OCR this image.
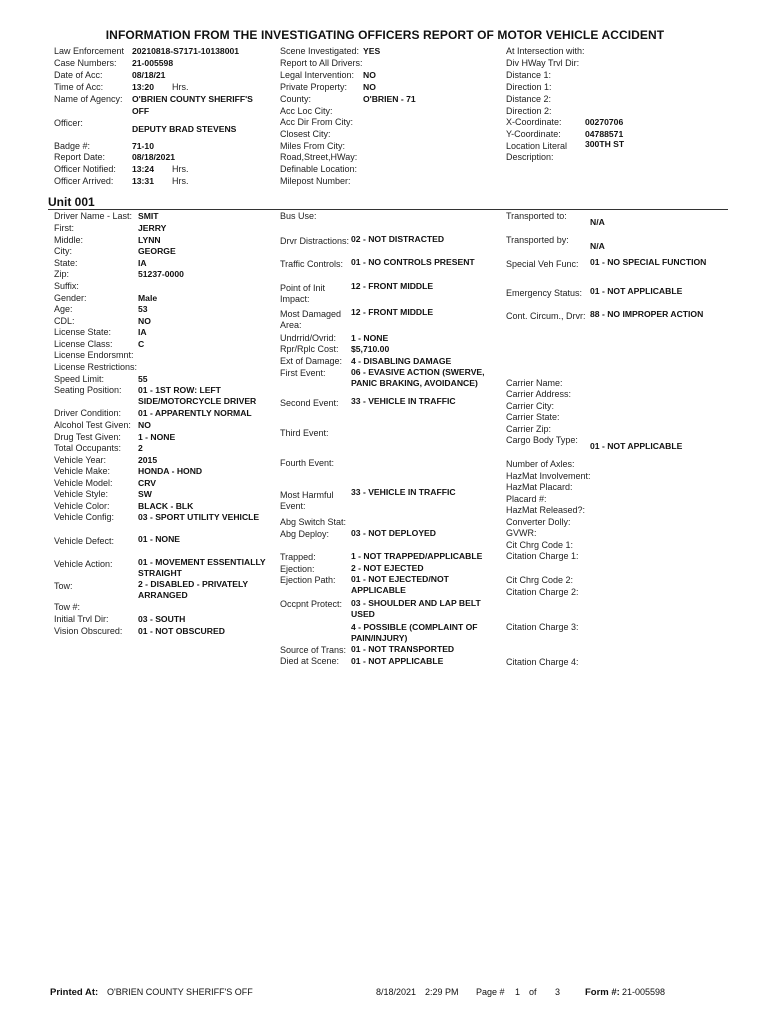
INFORMATION FROM THE INVESTIGATING OFFICERS REPORT OF MOTOR VEHICLE ACCIDENT
Law Enforcement 20210818-S7171-10138001
Case Numbers: 21-005598
Date of Acc:	08/18/21
Time of Acc:	13:20 Hrs.
Name of Agency: O'BRIEN COUNTY SHERIFF'S
OFF
Officer:
DEPUTY BRAD STEVENS
Badge #:	71-10
Report Date:	08/18/2021
Officer Notified: 13:24 Hrs.
Officer Arrived: 13:31 Hrs.
Scene Investigated: YES
Report to All Drivers:
Legal Intervention: NO
Private Property: NO
County:	O'BRIEN - 71
Acc Loc City:
Acc Dir From City:
Closest City:
Miles From City:
Road,Street,HWay:
Definable Location:
Milepost Number:
At Intersection with:
Div HWay Trvl Dir:
Distance 1:
Direction 1:
Distance 2:
Direction 2:
X-Coordinate:	00270706
Y-Coordinate:	04788571
Location Literal 300TH ST
Description:
Unit 001
Driver Name - Last: SMIT
First:	JERRY
Middle:	LYNN
City:	GEORGE
State:	IA
Zip:	51237-0000
Suffix:
Gender:	Male
Age:	53
CDL:	NO
License State:	IA
License Class:	C
License Endorsmnt:
License Restrictions:
Speed Limit:	55
Seating Position: 01 - 1ST ROW: LEFT
SIDE/MOTORCYCLE DRIVER
Driver Condition: 01 - APPARENTLY NORMAL
Alcohol Test Given: NO
Drug Test Given: 1 - NONE
Total Occupants: 2
Vehicle Year:	2015
Vehicle Make:	HONDA - HOND
Vehicle Model:	CRV
Vehicle Style:	SW
Vehicle Color:	BLACK - BLK
Vehicle Config:	03 - SPORT UTILITY VEHICLE
Vehicle Defect:	01 - NONE
Vehicle Action:	01 - MOVEMENT ESSENTIALLY
STRAIGHT
Tow:	2 - DISABLED - PRIVATELY
ARRANGED
Tow #:
Initial Trvl Dir:	03 - SOUTH
Vision Obscured: 01 - NOT OBSCURED
Bus Use:
Drvr Distractions: 02 - NOT DISTRACTED
Traffic Controls: 01 - NO CONTROLS PRESENT
Point of Init
Impact:
12 - FRONT MIDDLE
Most Damaged
Area:
12 - FRONT MIDDLE
Undrrid/Ovrid: 1 - NONE
Rpr/Rplc Cost: $5,710.00
Ext of Damage: 4 - DISABLING DAMAGE
First Event:	06 - EVASIVE ACTION (SWERVE,
PANIC BRAKING, AVOIDANCE)
Second Event: 33 - VEHICLE IN TRAFFIC
Third Event:
Fourth Event:
Most Harmful
Event:
33 - VEHICLE IN TRAFFIC
Abg Switch Stat:
Abg Deploy:	03 - NOT DEPLOYED
Trapped:	1 - NOT TRAPPED/APPLICABLE
Ejection:	2 - NOT EJECTED
Ejection Path: 01 - NOT EJECTED/NOT
APPLICABLE
Occpnt Protect: 03 - SHOULDER AND LAP BELT
USED
4 - POSSIBLE (COMPLAINT OF
PAIN/INJURY)
Source of Trans: 01 - NOT TRANSPORTED
Died at Scene: 01 - NOT APPLICABLE
Transported to:
N/A
Transported by:
N/A
Special Veh Func: 01 - NO SPECIAL FUNCTION
Emergency Status: 01 - NOT APPLICABLE
Cont. Circum., Drvr: 88 - NO IMPROPER ACTION
Carrier Name:
Carrier Address:
Carrier City:
Carrier State:
Carrier Zip:
Cargo Body Type:
01 - NOT APPLICABLE
Number of Axles:
HazMat Involvement:
HazMat Placard:
Placard #:
HazMat Released?:
Converter Dolly:
GVWR:
Cit Chrg Code 1:
Citation Charge 1:
Cit Chrg Code 2:
Citation Charge 2:
Citation Charge 3:
Citation Charge 4:
Printed At: O'BRIEN COUNTY SHERIFF'S OFF	8/18/2021 2:29 PM Page # 1 of 3	Form #: 21-005598
